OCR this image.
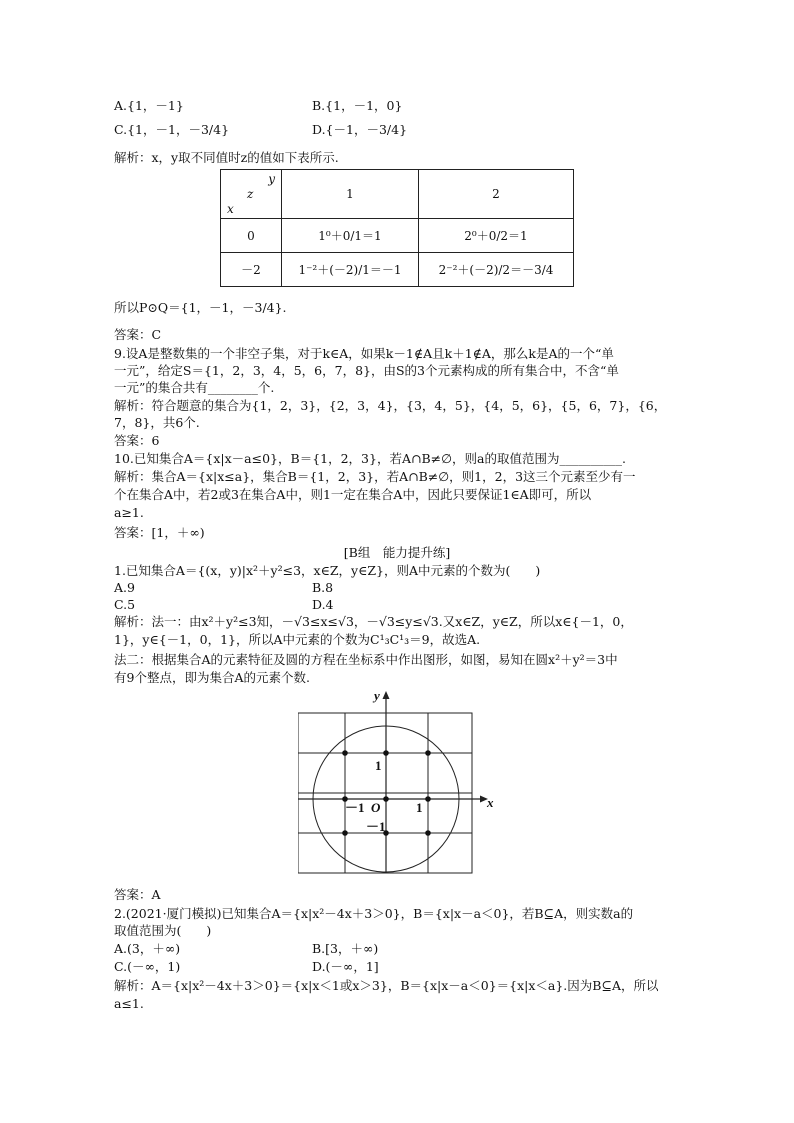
A.{1，－1}	B.{1，－1，0}
C.{1，－1，－3/4}	D.{－1，－3/4}
解析：x，y取不同值时z的值如下表所示.
y
z
x	1	2
0	1⁰＋0/1＝1	2⁰＋0/2＝1
－2	1⁻²＋(－2)/1＝－1	2⁻²＋(－2)/2＝－3/4
所以P⊙Q＝{1，－1，－3/4}.
答案：C
9.设A是整数集的一个非空子集，对于k∈A，如果k－1∉A且k＋1∉A，那么k是A的一个“单
一元”，给定S＝{1，2，3，4，5，6，7，8}，由S的3个元素构成的所有集合中，不含“单
一元”的集合共有________个.
解析：符合题意的集合为{1，2，3}，{2，3，4}，{3，4，5}，{4，5，6}，{5，6，7}，{6，
7，8}，共6个.
答案：6
10.已知集合A＝{x|x－a≤0}，B＝{1，2，3}，若A∩B≠∅，则a的取值范围为__________.
解析：集合A＝{x|x≤a}，集合B＝{1，2，3}，若A∩B≠∅，则1，2，3这三个元素至少有一
个在集合A中，若2或3在集合A中，则1一定在集合A中，因此只要保证1∈A即可，所以
a≥1.
答案：[1，＋∞)
[B组　能力提升练]
1.已知集合A＝{(x，y)|x²＋y²≤3，x∈Z，y∈Z}，则A中元素的个数为(　　)
A.9	B.8
C.5	D.4
解析：法一：由x²＋y²≤3知，－√3≤x≤√3，－√3≤y≤√3.又x∈Z，y∈Z，所以x∈{－1，0，
1}，y∈{－1，0，1}，所以A中元素的个数为C¹₃C¹₃＝9，故选A.
法二：根据集合A的元素特征及圆的方程在坐标系中作出图形，如图，易知在圆x²＋y²＝3中
有9个整点，即为集合A的元素个数.
x
y
O	1
－1
1
－1
答案：A
2.(2021·厦门模拟)已知集合A＝{x|x²－4x＋3＞0}，B＝{x|x－a＜0}，若B⊆A，则实数a的
取值范围为(　　)
A.(3，＋∞)	B.[3，＋∞)
C.(－∞，1)	D.(－∞，1]
解析：A＝{x|x²－4x＋3＞0}＝{x|x＜1或x＞3}，B＝{x|x－a＜0}＝{x|x＜a}.因为B⊆A，所以
a≤1.
